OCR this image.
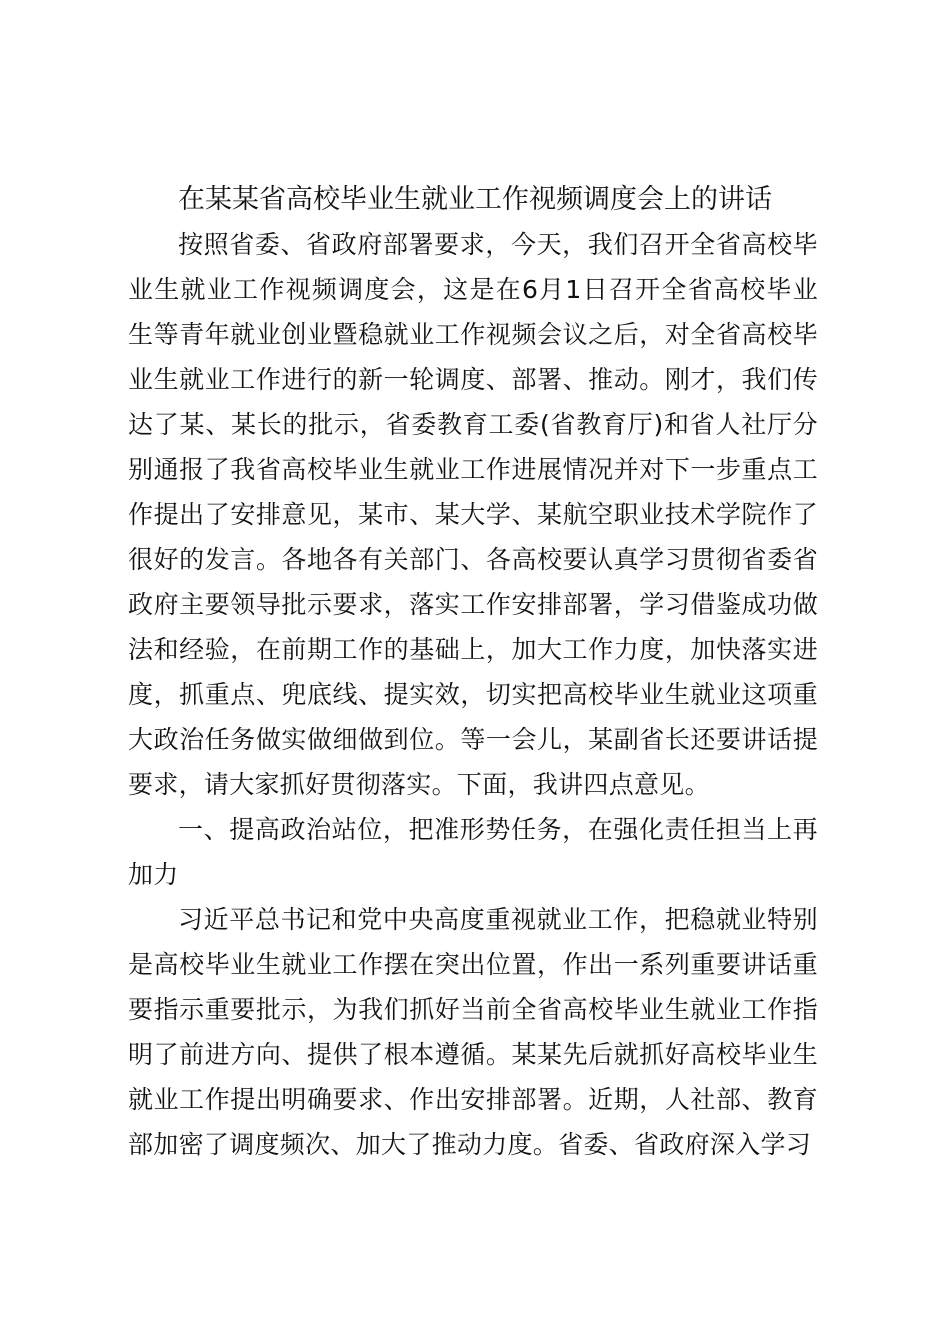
在某某省高校毕业生就业工作视频调度会上的讲话

按照省委、省政府部署要求，今天，我们召开全省高校毕业生就业工作视频调度会，这是在6月1日召开全省高校毕业生等青年就业创业暨稳就业工作视频会议之后，对全省高校毕业生就业工作进行的新一轮调度、部署、推动。刚才，我们传达了某、某长的批示，省委教育工委(省教育厅)和省人社厅分别通报了我省高校毕业生就业工作进展情况并对下一步重点工作提出了安排意见，某市、某大学、某航空职业技术学院作了很好的发言。各地各有关部门、各高校要认真学习贯彻省委省政府主要领导批示要求，落实工作安排部署，学习借鉴成功做法和经验，在前期工作的基础上，加大工作力度，加快落实进度，抓重点、兜底线、提实效，切实把高校毕业生就业这项重大政治任务做实做细做到位。等一会儿，某副省长还要讲话提要求，请大家抓好贯彻落实。下面，我讲四点意见。

一、提高政治站位，把准形势任务，在强化责任担当上再加力

习近平总书记和党中央高度重视就业工作，把稳就业特别是高校毕业生就业工作摆在突出位置，作出一系列重要讲话重要指示重要批示，为我们抓好当前全省高校毕业生就业工作指明了前进方向、提供了根本遵循。某某先后就抓好高校毕业生就业工作提出明确要求、作出安排部署。近期，人社部、教育部加密了调度频次、加大了推动力度。省委、省政府深入学习
